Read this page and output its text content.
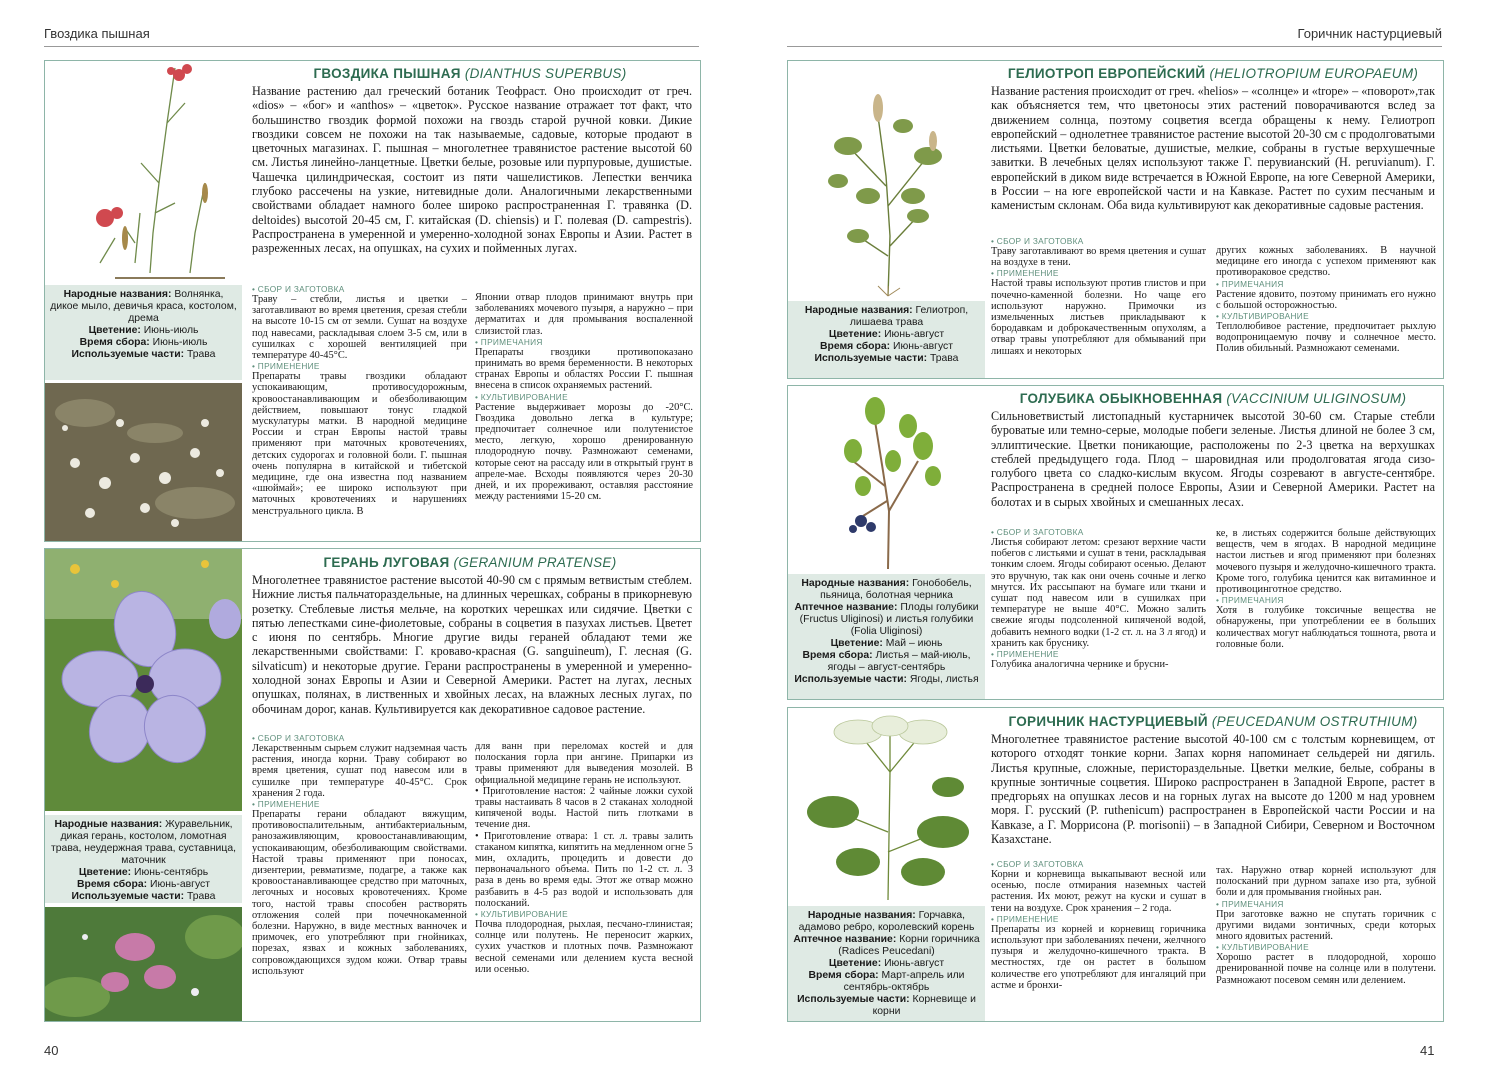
Гвоздика пышная	Горичник настурциевый
40	41
ГВОЗДИКА ПЫШНАЯ (DIANTHUS SUPERBUS)
Название растению дал греческий ботаник Теофраст. Оно происходит от греч. «dios» – «бог» и «anthos» – «цветок». Русское название отражает тот факт, что большинство гвоздик формой похожи на гвоздь старой ручной ковки. Дикие гвоздики совсем не похожи на так называемые, садовые, которые продают в цветочных магазинах. Г. пышная – многолетнее травянистое растение высотой 60 см. Листья линейно-ланцетные. Цветки белые, розовые или пурпуровые, душистые. Чашечка цилиндрическая, состоит из пяти чашелистиков. Лепестки венчика глубоко рассечены на узкие, нитевидные доли. Аналогичными лекарственными свойствами обладает намного более широко распространенная Г. травянка (D. deltoides) высотой 20-45 см, Г. китайская (D. chiensis) и Г. полевая (D. campestris). Распространена в умеренной и умеренно-холодной зонах Европы и Азии. Растет в разреженных лесах, на опушках, на сухих и пойменных лугах.
Народные названия: Волнянка, дикое мыло, девичья краса, костолом, дрема
Цветение: Июнь-июль
Время сбора: Июнь-июль
Используемые части: Трава
• СБОР И ЗАГОТОВКА
Траву – стебли, листья и цветки – заготавливают во время цветения, срезая стебли на высоте 10-15 см от земли. Сушат на воздухе под навесами, раскладывая слоем 3-5 см, или в сушилках с хорошей вентиляцией при температуре 40-45°С.
• ПРИМЕНЕНИЕ
Препараты травы гвоздики обладают успокаивающим, противосудорожным, кровоостанавливающим и обезболивающим действием, повышают тонус гладкой мускулатуры матки. В народной медицине России и стран Европы настой травы применяют при маточных кровотечениях, детских судорогах и головной боли. Г. пышная очень популярна в китайской и тибетской медицине, где она известна под названием «шюймай»; ее широко используют при маточных кровотечениях и нарушениях менструального цикла. В
Японии отвар плодов принимают внутрь при заболеваниях мочевого пузыря, а наружно – при дерматитах и для промывания воспаленной слизистой глаз.
• ПРИМЕЧАНИЯ
Препараты гвоздики противопоказано принимать во время беременности. В некоторых странах Европы и областях России Г. пышная внесена в список охраняемых растений.
• КУЛЬТИВИРОВАНИЕ
Растение выдерживает морозы до -20°С. Гвоздика довольно легка в культуре; предпочитает солнечное или полутенистое место, легкую, хорошо дренированную плодородную почву. Размножают семенами, которые сеют на рассаду или в открытый грунт в апреле-мае. Всходы появляются через 20-30 дней, и их прореживают, оставляя расстояние между растениями 15-20 см.
ГЕРАНЬ ЛУГОВАЯ (GERANIUM PRATENSE)
Многолетнее травянистое растение высотой 40-90 см с прямым ветвистым стеблем. Нижние листья пальчатораздельные, на длинных черешках, собраны в прикорневую розетку. Стеблевые листья мельче, на коротких черешках или сидячие. Цветки с пятью лепестками сине-фиолетовые, собраны в соцветия в пазухах листьев. Цветет с июня по сентябрь. Многие другие виды гераней обладают теми же лекарственными свойствами: Г. кроваво-красная (G. sanguineum), Г. лесная (G. silvaticum) и некоторые другие. Герани распространены в умеренной и умеренно-холодной зонах Европы и Азии и Северной Америки. Растет на лугах, лесных опушках, полянах, в лиственных и хвойных лесах, на влажных лесных лугах, по обочинам дорог, канав. Культивируется как декоративное садовое растение.
Народные названия: Журавельник, дикая герань, костолом, ломотная трава, неудержная трава, суставница, маточник
Цветение: Июнь-сентябрь
Время сбора: Июнь-август
Используемые части: Трава
• СБОР И ЗАГОТОВКА
Лекарственным сырьем служит надземная часть растения, иногда корни. Траву собирают во время цветения, сушат под навесом или в сушилке при температуре 40-45°С. Срок хранения 2 года.
• ПРИМЕНЕНИЕ
Препараты герани обладают вяжущим, противовоспалительным, антибактериальным, ранозаживляющим, кровоостанавливающим, успокаивающим, обезболивающим свойствами. Настой травы применяют при поносах, дизентерии, ревматизме, подагре, а также как кровоостанавливающее средство при маточных, легочных и носовых кровотечениях. Кроме того, настой травы способен растворять отложения солей при почечнокаменной болезни. Наружно, в виде местных ванночек и примочек, его употребляют при гнойниках, порезах, язвах и кожных заболеваниях, сопровождающихся зудом кожи. Отвар травы используют
для ванн при переломах костей и для полоскания горла при ангине. Припарки из травы применяют для выведения мозолей. В официальной медицине герань не используют.
• Приготовление настоя: 2 чайные ложки сухой травы настаивать 8 часов в 2 стаканах холодной кипяченой воды. Настой пить глотками в течение дня.
• Приготовление отвара: 1 ст. л. травы залить стаканом кипятка, кипятить на медленном огне 5 мин, охладить, процедить и довести до первоначального объема. Пить по 1-2 ст. л. 3 раза в день во время еды. Этот же отвар можно разбавить в 4-5 раз водой и использовать для полосканий.
• КУЛЬТИВИРОВАНИЕ
Почва плодородная, рыхлая, песчано-глинистая; солнце или полутень. Не переносит жарких, сухих участков и плотных почв. Размножают весной семенами или делением куста весной или осенью.
ГЕЛИОТРОП ЕВРОПЕЙСКИЙ (HELIOTROPIUM EUROPAEUM)
Название растения происходит от греч. «helios» – «солнце» и «trope» – «поворот»,так как объясняется тем, что цветоносы этих растений поворачиваются вслед за движением солнца, поэтому соцветия всегда обращены к нему. Гелиотроп европейский – однолетнее травянистое растение высотой 20-30 см с продолговатыми листьями. Цветки беловатые, душистые, мелкие, собраны в густые верхушечные завитки. В лечебных целях используют также Г. перувианский (H. peruvianum). Г. европейский в диком виде встречается в Южной Европе, на юге Северной Америки, в России – на юге европейской части и на Кавказе. Растет по сухим песчаным и каменистым склонам. Оба вида культивируют как декоративные садовые растения.
Народные названия: Гелиотроп, лишаева трава
Цветение: Июнь-август
Время сбора: Июнь-август
Используемые части: Трава
• СБОР И ЗАГОТОВКА
Траву заготавливают во время цветения и сушат на воздухе в тени.
• ПРИМЕНЕНИЕ
Настой травы используют против глистов и при почечно-каменной болезни. Но чаще его используют наружно. Примочки из измельченных листьев прикладывают к бородавкам и доброкачественным опухолям, а отвар травы употребляют для обмываний при лишаях и некоторых
других кожных заболеваниях. В научной медицине его иногда с успехом применяют как противораковое средство.
• ПРИМЕЧАНИЯ
Растение ядовито, поэтому принимать его нужно с большой осторожностью.
• КУЛЬТИВИРОВАНИЕ
Теплолюбивое растение, предпочитает рыхлую водопроницаемую почву и солнечное место. Полив обильный. Размножают семенами.
ГОЛУБИКА ОБЫКНОВЕННАЯ (VACCINIUM ULIGINOSUM)
Сильноветвистый листопадный кустарничек высотой 30-60 см. Старые стебли буроватые или темно-серые, молодые побеги зеленые. Листья длиной не более 3 см, эллиптические. Цветки поникающие, расположены по 2-3 цветка на верхушках стеблей предыдущего года. Плод – шаровидная или продолговатая ягода сизо-голубого цвета со сладко-кислым вкусом. Ягоды созревают в августе-сентябре. Распространена в средней полосе Европы, Азии и Северной Америки. Растет на болотах и в сырых хвойных и смешанных лесах.
Народные названия: Гонобобель, пьяница, болотная черника
Аптечное название: Плоды голубики (Fructus Uliginosi) и листья голубики (Folia Uliginosi)
Цветение: Май – июнь
Время сбора: Листья – май-июль, ягоды – август-сентябрь
Используемые части: Ягоды, листья
• СБОР И ЗАГОТОВКА
Листья собирают летом: срезают верхние части побегов с листьями и сушат в тени, раскладывая тонким слоем. Ягоды собирают осенью. Делают это вручную, так как они очень сочные и легко мнутся. Их рассыпают на бумаге или ткани и сушат под навесом или в сушилках при температуре не выше 40°С. Можно залить свежие ягоды подсоленной кипяченой водой, добавить немного водки (1-2 ст. л. на 3 л ягод) и хранить как бруснику.
• ПРИМЕНЕНИЕ
Голубика аналогична чернике и брусни-
ке, в листьях содержится больше действующих веществ, чем в ягодах. В народной медицине настои листьев и ягод применяют при болезнях мочевого пузыря и желудочно-кишечного тракта. Кроме того, голубика ценится как витаминное и противоцинготное средство.
• ПРИМЕЧАНИЯ
Хотя в голубике токсичные вещества не обнаружены, при употреблении ее в больших количествах могут наблюдаться тошнота, рвота и головные боли.
ГОРИЧНИК НАСТУРЦИЕВЫЙ (PEUCEDANUM OSTRUTHIUM)
Многолетнее травянистое растение высотой 40-100 см с толстым корневищем, от которого отходят тонкие корни. Запах корня напоминает сельдерей ни дягиль. Листья крупные, сложные, перистораздельные. Цветки мелкие, белые, собраны в крупные зонтичные соцветия. Широко распространен в Западной Европе, растет в предгорьях на опушках лесов и на горных лугах на высоте до 1200 м над уровнем моря. Г. русский (P. ruthenicum) распространен в Европейской части России и на Кавказе, а Г. Моррисона (P. morisonii) – в Западной Сибири, Северном и Восточном Казахстане.
Народные названия: Горчавка, адамово ребро, королевский корень
Аптечное название: Корни горичника (Radices Peucedani)
Цветение: Июнь-август
Время сбора: Март-апрель или сентябрь-октябрь
Используемые части: Корневище и корни
• СБОР И ЗАГОТОВКА
Корни и корневища выкапывают весной или осенью, после отмирания наземных частей растения. Их моют, режут на куски и сушат в тени на воздухе. Срок хранения – 2 года.
• ПРИМЕНЕНИЕ
Препараты из корней и корневищ горичника используют при заболеваниях печени, желчного пузыря и желудочно-кишечного тракта. В местностях, где он растет в большом количестве его употребляют для ингаляций при астме и бронхи-
тах. Наружно отвар корней используют для полосканий при дурном запахе изо рта, зубной боли и для промывания гнойных ран.
• ПРИМЕЧАНИЯ
При заготовке важно не спутать горичник с другими видами зонтичных, среди которых много ядовитых растений.
• КУЛЬТИВИРОВАНИЕ
Хорошо растет в плодородной, хорошо дренированной почве на солнце или в полутени. Размножают посевом семян или делением.
